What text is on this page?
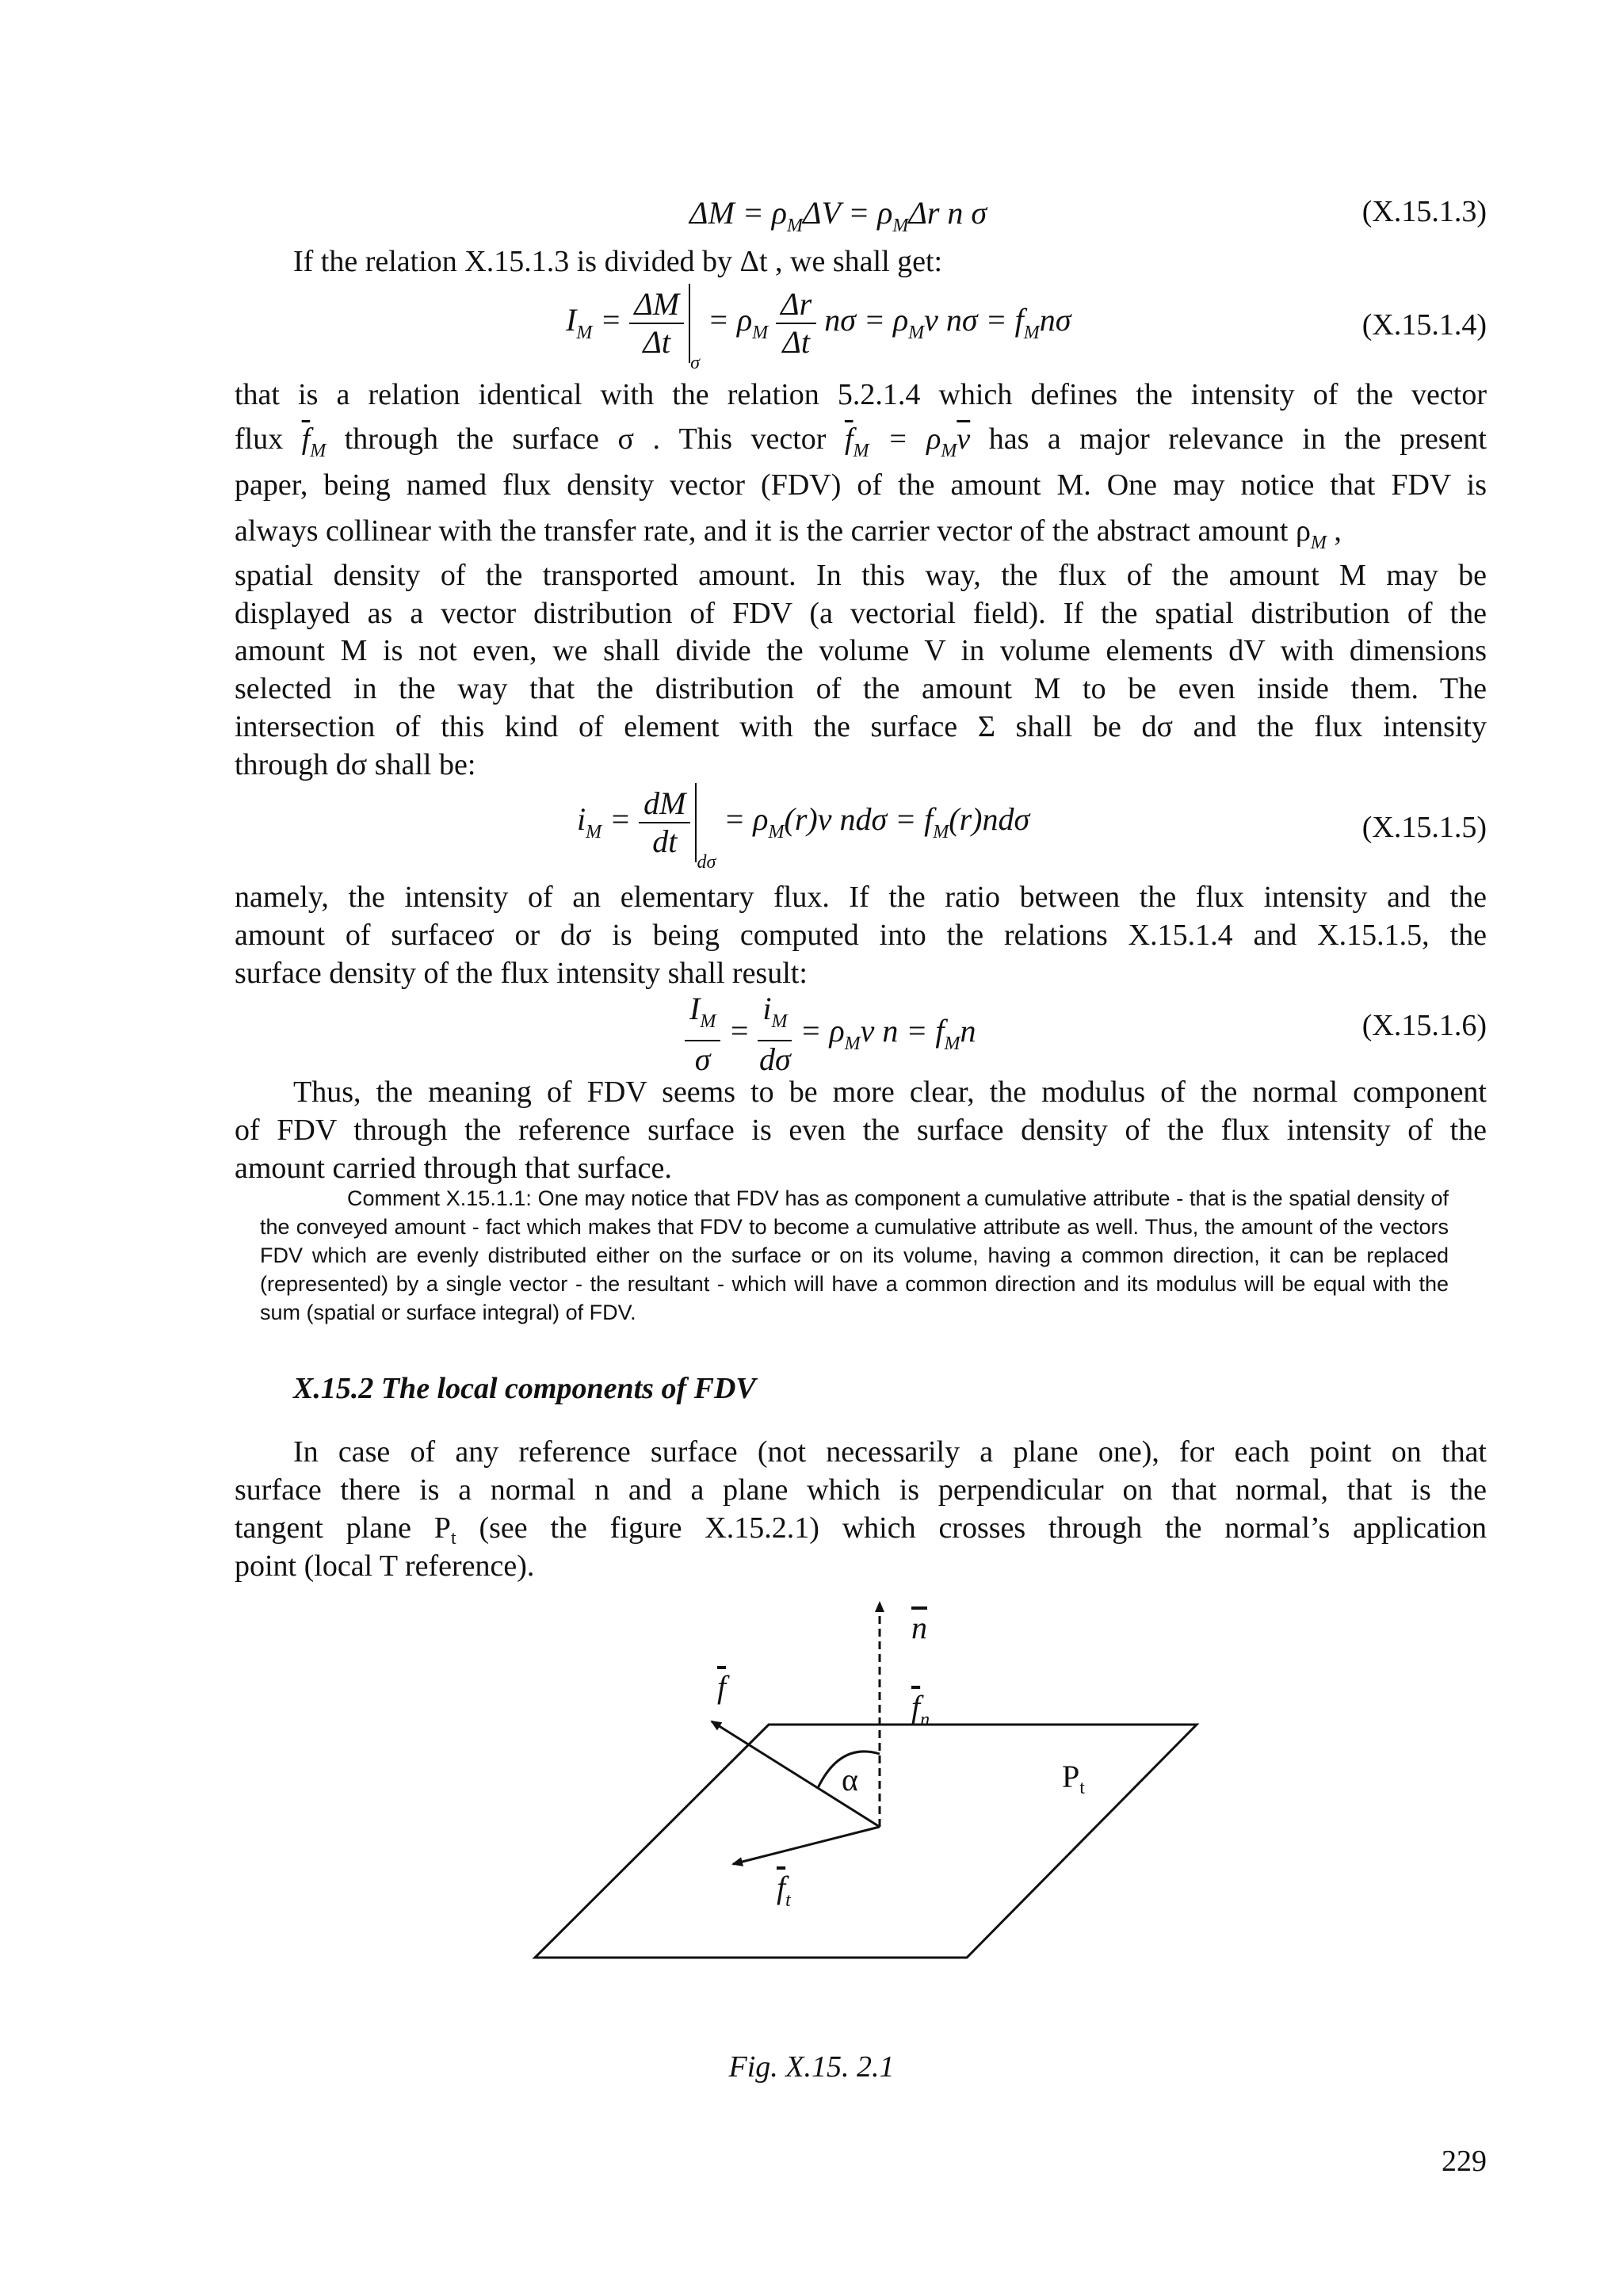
$\Delta M = \rho_M\Delta V = \rho_M\Delta r$ n σ	(X.15.1.3)
If the relation X.15.1.3 is divided by Δt , we shall get:
$I_M = \frac{\Delta M}{\Delta t}$
$_\sigma = \rho_M \frac{\Delta r}{\Delta t}$ $n\sigma = \rho_Mv$ $n\sigma = f_Mn\sigma$	(X.15.1.4)
that is a relation identical with the relation 5.2.1.4 which defines the intensity of the vector
flux $\overline{f}_M$ through the surface σ . This vector $\overline{f}_M = \rho_M\overline{v}$ has a major relevance in the present
paper, being named flux density vector (FDV) of the amount M. One may notice that FDV is
always collinear with the transfer rate, and it is the carrier vector of the abstract amount $\rho_M$ ,
spatial density of the transported amount. In this way, the flux of the amount M may be
displayed as a vector distribution of FDV (a vectorial field). If the spatial distribution of the
amount M is not even, we shall divide the volume V in volume elements dV with dimensions
selected in the way that the distribution of the amount M to be even inside them. The
intersection of this kind of element with the surface Σ shall be dσ and the flux intensity
through dσ shall be:
$i_M = \frac{dM}{dt}$
$_{d\sigma} = \rho_M(r)v$ $nd\sigma = f_M(r)nd\sigma$	(X.15.1.5)
namely, the intensity of an elementary flux. If the ratio between the flux intensity and the
amount of surfaceσ or dσ is being computed into the relations X.15.1.4 and X.15.1.5, the
surface density of the flux intensity shall result:
$\frac{I_M}{\sigma} = \frac{i_M}{d\sigma} = \rho_Mv$ $n = f_Mn$	(X.15.1.6)
Thus, the meaning of FDV seems to be more clear, the modulus of the normal component
of FDV through the reference surface is even the surface density of the flux intensity of the
amount carried through that surface.

Comment X.15.1.1: One may notice that FDV has as component a cumulative attribute - that is the spatial density of the conveyed amount - fact which makes that FDV to become a cumulative attribute as well. Thus, the amount of the vectors FDV which are evenly distributed either on the surface or on its volume, having a common direction, it can be replaced (represented) by a single vector - the resultant - which will have a common direction and its modulus will be equal with the sum (spatial or surface integral) of FDV.

X.15.2 The local components of FDV
In case of any reference surface (not necessarily a plane one), for each point on that
surface there is a normal n and a plane which is perpendicular on that normal, that is the
tangent plane $P_t$ (see the figure X.15.2.1) which crosses through the normal’s application
point (local T reference).
$\overline{n}$
$\overline{f}$
$\overline{f}_n$
α	$P_t$
$\overline{f}_t$
Fig. X.15. 2.1
229
